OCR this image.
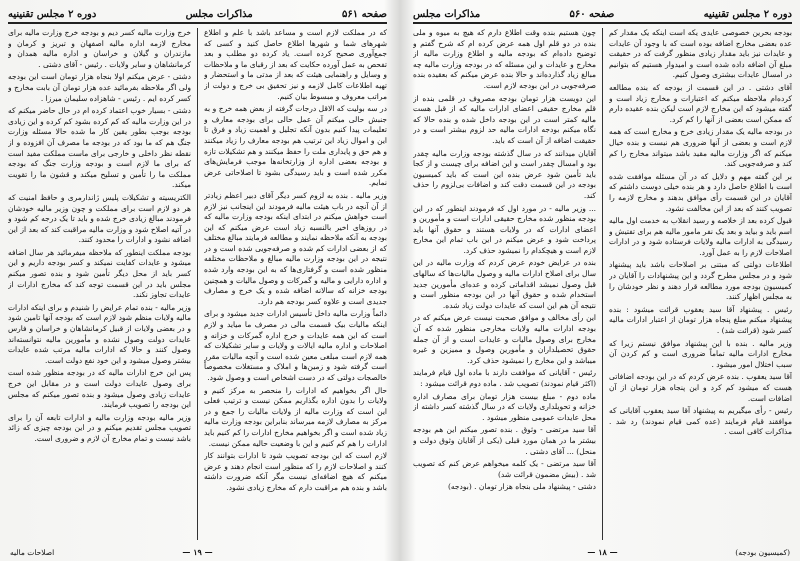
صفحه ۵۶۱
مذاکرات مجلس
دوره ۲ مجلس تقنینیه

که در مملکت لازم است و مساعد باشد با علم و اطلاع شهرهای شما و شهرها اطلاع حاصل کنید و کسی که جمع‌آوری صحیح کرده است. یاد کرده دو مطلب و بعد تفحص به عمل آورده حکایت که بعد از رقبای ما و ملاحظات و وسایل و راهنمایی هیئت که بعد از مدتی ما و استحضار و تهیه اطلاعات کامل لازمه و نیز تحقیق بی خرج و دولت از مراتب معروف و مبسوط بیان کنیم.

در سه بولیت که الاقل درجات گرفته از بعض همه خرج و به جنبش حالی میکنم آن عمل حالی برای بودجه معارف و تعلیمات پیدا کنیم بدون آنکه تجلیل و اهمیت زیاد و فرق تا این و اموال زیاد این ترتیب هم بودجه معارف را زیاد میکنند و هم حق و پایداری ملت را حفظ میکنند و هم تشکیلات تازه و بودجه بعضی اداره از وزارتخانه‌ها موجب فرمایش‌های مکرر شده است و باید رسیدگی بشود تا اصلاحاتی عرض نمایم.

وزیر مالیه . بنده به لزوم کسر دیگر آقای دبیر اعظم زیادتر از آن آنچه در باب هیئت مالیه فرمودند این اینجانب نیز لازم است خواهش میکنم در ابتدای اینکه بودجه وزارت مالیه که در روزهای اخیر بالنسبه زیاد است عرض میکنم که این بودجه به آنکه ملاحظه نمایند و مطالعه فرمایند مبالغ مختلف که از بعضی ادارات کم شده و صرفه‌جویی شده است و در نتیجه در این بودجه وزارت مالیه مبالغ و ملاحظات مختلفه منظور شده است و گرفتاری‌ها که به این بودجه وارد شده و اداره دارایی و مالیه و گمرکات و وصول مالیات و همچنین بودجه خزانه که سالانه اضافه شده و یک خرج و مصارف جدیدی است و علاوه کسر بودجه هم دارد.

دائماً وزارت مالیه داخل تأسیس ادارات جدید میشود و برای اینکه مالیات بیک قسمت مالی در مصرف ما میاید و لازم است که این همه عایدات و خرج اداره گمرکات و خزانه و اصلاحات و اداره مالیه ایالات و ولایات و سایر تشکیلات که همه لازم است مبلغی معین شده است و آنچه مالیات مقرر است گرفته شود و زمین‌ها و املاک و مستغلات مخصوصاً خالصجات دولتی که در دست اشخاص است و وصول شود.

حال اگر بخواهیم که ادارات را منحصر به مرکز کنیم و ولایات را بدون اداره بگذاریم ممکن نیست و ترتیب فعلی این است که وزارت مالیه از ولایات مالیات را جمع و در مرکز به مصارف لازمه میرساند بنابراین بودجه وزارت مالیه زیاد شده است و اگر بخواهیم مخارج ادارات را کم کنیم باید ادارات را هم کم کنیم و این با وضعیت حالیه ممکن نیست.

لازم است که این بودجه تصویب شود تا ادارات بتوانند کار کنند و اصلاحات لازم را که منظور است انجام دهند و عرض میکنم که هیچ اضافه‌ای نیست مگر آنکه ضرورت داشته باشد و بنده هم مراقبت دارم که مخارج زیادی نشود.

خرج وزارت مالیه کسر دیم و بودجه خرج وزارت مالیه برای مخارج لازمه اداره مالیه اصفهان و تبریز و کرمان و مازندران و گیلان و خراسان و اداره مالیه همدان و کرمانشاهان و سایر ولایات . رئیس - آقای دشتی .

دشتی - عرض میکنم اولا بنجاه هزار تومان است این بودجه ولی اگر ملاحظه بفرمائید عده هزار تومان آن بابت مخارج و کسر کرده ایم . رئیس - شاهزاده سلیمان میرزا .

دشتی - بسیار خوب اعتماد کرده ام در حال حاضر میکنم که در این وزارت مالیه که کم کرده بشود کم کرده و این زیادی بودجه بوجب بطور یقین کار ما شده حالا مسئله وزارت جنگ هم که ما بود که در بودجه ما مصرف آن افزوده و از نقطه نظر داخلی و خارجی برای ماست مملکت مفید است که برای ما لازم است و بودجه وزارت جنگ که بودجه مملکت ما را تأمین و تسلیح میکند و قشون ما را تقویت میکند.

الکتریسیته و تشکیلات پلیس ژاندارمری و حافظ امنیت که هر دو لازم است برای مملکت و چون وزیر مالیه خودشان فرمودند مبالغ زیادی خرج شده و باید تا یک درجه کم شود و در آتیه اصلاح شود و وزارت مالیه مراقبت کند که بعد از این اضافه نشود و ادارات را محدود کنند.

بودجه مملکت اینطور که ملاحظه میفرمائید هر سال اضافه میشود و عایدات کفایت نمیکند و کسر بودجه داریم و این کسر باید از محل دیگر تأمین شود و بنده تصور میکنم مجلس باید در این قسمت توجه کند که مخارج ادارات از عایدات تجاوز نکند.

وزیر مالیه - بنده تمام عرایض را شنیدم و برای اینکه ادارات مالیه ولایات منظم شود لازم است که بودجه آنها تامین شود و در بعضی ولایات از قبیل کرمانشاهان و خراسان و فارس عایدات دولت وصول نشده و مأمورین مالیه نتوانسته‌اند وصول کنند و حالا که ادارات مالیه مرتب شده عایدات بیشتر وصول میشود و این خود نفع دولت است.

پس این خرج ادارات مالیه که در بودجه منظور شده است برای وصول عایدات دولت است و در مقابل این خرج عایدات زیادی وصول میشود و بنده تصور میکنم که مجلس این بودجه را تصویب فرمایند.

وزیر مالیه بودجه وزارت مالیه و ادارات تابعه آن را برای تصویب مجلس تقدیم میکنم و در این بودجه چیزی که زائد باشد نیست و تمام مخارج آن لازم و ضروری است.

— ۱۹ —
اصلاحات مالیه
دوره ۲ مجلس تقنینیه
صفحه ۵۶۰
مذاکرات مجلس

بودجه بحرین خصوصی عایدی یکه است اینکه یک مقدار کم عده بعضی مخارج اضافه بوده است که با وجود آن عایدات و عایدات نیز باید مقدار زیادی منظور گرفت که در حقیقت مبلغ آن اضافه داده شده است و امیدوار هستیم که بتوانیم در امسال عایدات بیشتری وصول کنیم.

آقای دشتی . در این قسمت از بودجه که بنده مطالعه کرده‌ام ملاحظه میکنم که اعتبارات و مخارج زیاد است و گفته میشود که این مخارج لازم است لیکن بنده عقیده دارم که ممکن است بعضی از آنها را کم کرد.

در بودجه مالیه یک مقدار زیادی خرج و مخارج است که همه لازم است و بعضی از آنها ضروری هم نیست و بنده خیال میکنم که اگر وزارت مالیه مقید باشد میتواند مخارج را کم کند و صرفه‌جویی کند.

بر این گفته مهم و دلایل که در آن مسئله موافقت شده است با اطلاع حاصل دارد و هر بنده خیلی دوست داشتم که آقایان در این قسمت رأی موافق بدهند و مخارج لازمه را تصویب کنند که بعد از این مخالفت نشود.

قبول کرده بعد از خلاصه و رسید انقلاب به خدمت اول مالیه اسم باید و بیاید و بعد یک نفر مامور مالیه هم برای تفتیش و رسیدگی به ادارات مالیه ولایات فرستاده شود و در ادارات اصلاحات لازم را به عمل آورد.

اطلاعات دولتی که مبتنی بر اصلاحات باشد باید پیشنهاد شود و در مجلس مطرح گردد و این پیشنهادات را آقایان در کمیسیون بودجه مورد مطالعه قرار دهند و نظر خودشان را به مجلس اظهار کنند.

رئیس . پیشنهاد آقا سید یعقوب قرائت میشود : بنده پیشنهاد میکنم مبلغ پنجاه هزار تومان از اعتبار ادارات مالیه کسر شود (قرائت شد) .

وزیر مالیه . بنده با این پیشنهاد موافق نیستم زیرا که مخارج ادارات مالیه تماماً ضروری است و کم کردن آن سبب اختلال امور میشود .

آقا سید یعقوب . بنده عرض کردم که در این بودجه اضافاتی هست که میشود کم کرد و این پنجاه هزار تومان از آن اضافات است.

رئیس - رأی میگیریم به پیشنهاد آقا سید یعقوب آقایانی که موافقند قیام فرمایند (عده کمی قیام نمودند) رد شد . مذاکرات کافی است .

چون هستیم بنده وقت اطلاع دارم که هیچ به میوه و ملی بنده در دو قلم اول همه عرض کرده ام که شرح گفتم و توضیح داده‌ام که بودجه مالیه و اطلاع وزارت مالیه از مخارج و عایدات و این مسئله که در بودجه وزارت مالیه چه مبالغ زیاد گذارده‌اند و حالا بنده عرض میکنم که بعقیده بنده صرفه‌جویی در این بودجه لازم است.

این دویست هزار تومان بودجه مصروف در قلمی بنده از قلم مخارج حقیقی اعضای ادارات مالیه که از قبل هست مالیه کمتر است در این بودجه داخل شده و بنده حالا که نگاه میکنم بودجه ادارات مالیه حد لزوم بیشتر است و در حقیقت اضافه از آن است که باید.

آقایان میدانند که در سال گذشته بودجه وزارت مالیه چقدر بود و امسال چقدر است و این اضافه برای چیست و از کجا باید تأمین شود عرض بنده این است که باید کمیسیون بودجه در این قسمت دقت کند و اضافات بی‌لزوم را حذف کند.

... وزیر مالیه - در مورد اول که فرمودند اینطور که در این بودجه منظور شده مخارج حقیقی ادارات است و مأمورین و اعضای ادارات که در ولایات هستند و حقوق آنها باید پرداخت شود و عرض میکنم در این باب تمام این مخارج لازم است و هیچکدام را نمیشود حذف کرد.

بنده در عرایض خودم عرض کردم که وزارت مالیه در این سال برای اصلاح ادارات مالیه و وصول مالیات‌ها که سالهای قبل وصول نمیشد اقداماتی کرده و عده‌ای مأمورین جدید استخدام شده و حقوق آنها در این بودجه منظور است و نتیجه آن هم این است که عایدات دولت زیاد شده.

این رأی مخالف و موافق صحبت نیست عرض میکنم که در بودجه ادارات مالیه ولایات مخارجی منظور شده که آن مخارج برای وصول مالیات و عایدات است و از آن جمله حقوق تحصیلداران و مأمورین وصول و ممیزین و غیره میباشد و این مخارج را نمیشود حذف کرد.

رئیس - آقایانی که موافقت دارند با ماده اول قیام فرمایند (اکثر قیام نمودند) تصویب شد . ماده دوم قرائت میشود :

ماده دوم - مبلغ بیست هزار تومان برای مصارف اداره خزانه و تحویلداری ولایات که در سال گذشته کسر داشته از محل عایدات عمومی منظور میشود .

آقا سید مرتضی - وثوق . بنده تصور میکنم این هم بودجه بیشتر ما در همان مورد قبلی (یکی از آقایان وثوق دولت و منحل) ... آقای دشتی .

آقا سید مرتضی - یک کلمه میخواهم عرض کنم که تصویب شد . (بیش مضمون قرائت شد)

دشتی - پیشنهاد ملی بنجاه هزار تومان . (بودجه)

— ۱۸ —	(کمیسیون بودجه)
